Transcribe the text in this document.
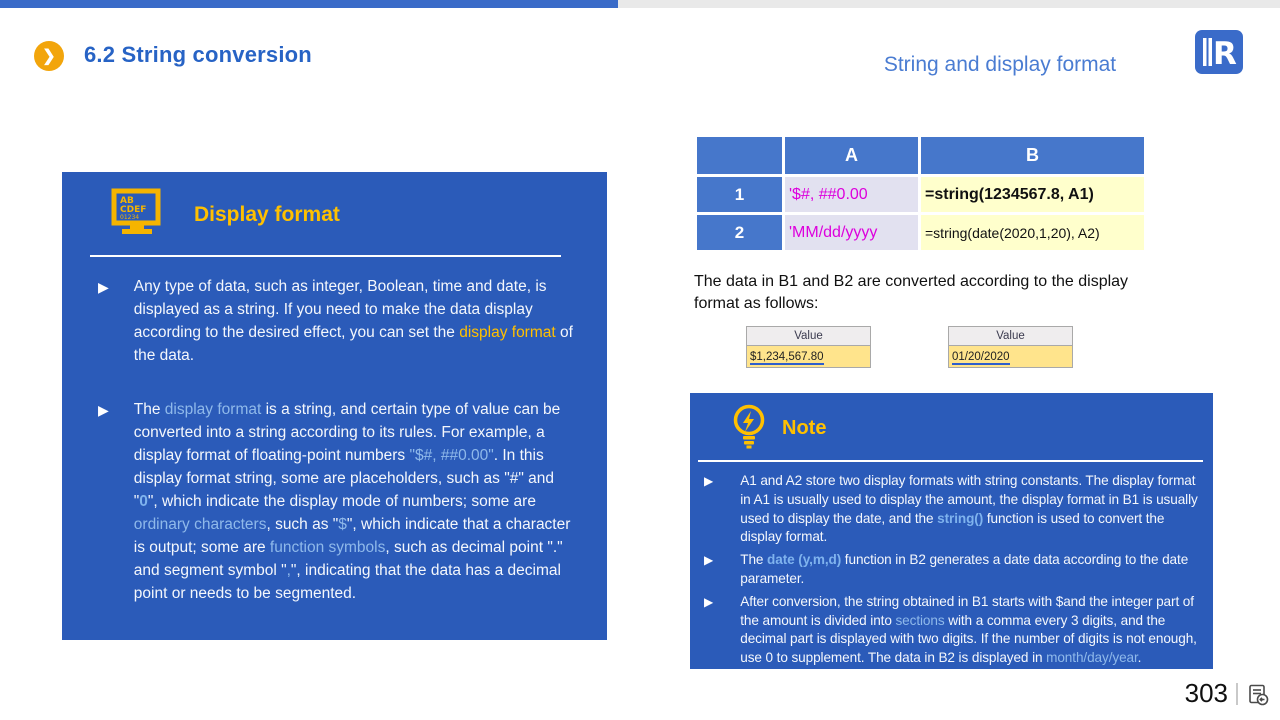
❯	6.2 String conversion	String and display format	R
AB
CDEF
01234	Display format
▶ Any type of data, such as integer, Boolean, time and date, is displayed as a string. If you need to make the data display according to the desired effect, you can set the display format of the data.
▶ The display format is a string, and certain type of value can be converted into a string according to its rules. For example, a display format of floating-point numbers "$#, ##0.00". In this display format string, some are placeholders, such as "#" and "0", which indicate the display mode of numbers; some are ordinary characters, such as "$", which indicate that a character is output; some are function symbols, such as decimal point "." and segment symbol ",", indicating that the data has a decimal point or needs to be segmented.
	A	B
1	'$#, ##0.00	=string(1234567.8, A1)
2	'MM/dd/yyyy	=string(date(2020,1,20), A2)
The data in B1 and B2 are converted according to the display format as follows:
Value
$1,234,567.80
Value
01/20/2020
Note
▶ A1 and A2 store two display formats with string constants. The display format in A1 is usually used to display the amount, the display format in B1 is usually used to display the date, and the string() function is used to convert the display format.
▶ The date (y,m,d) function in B2 generates a date data according to the date parameter.
▶ After conversion, the string obtained in B1 starts with $and the integer part of the amount is divided into sections with a comma every 3 digits, and the decimal part is displayed with two digits. If the number of digits is not enough, use 0 to supplement. The data in B2 is displayed in month/day/year.
303
